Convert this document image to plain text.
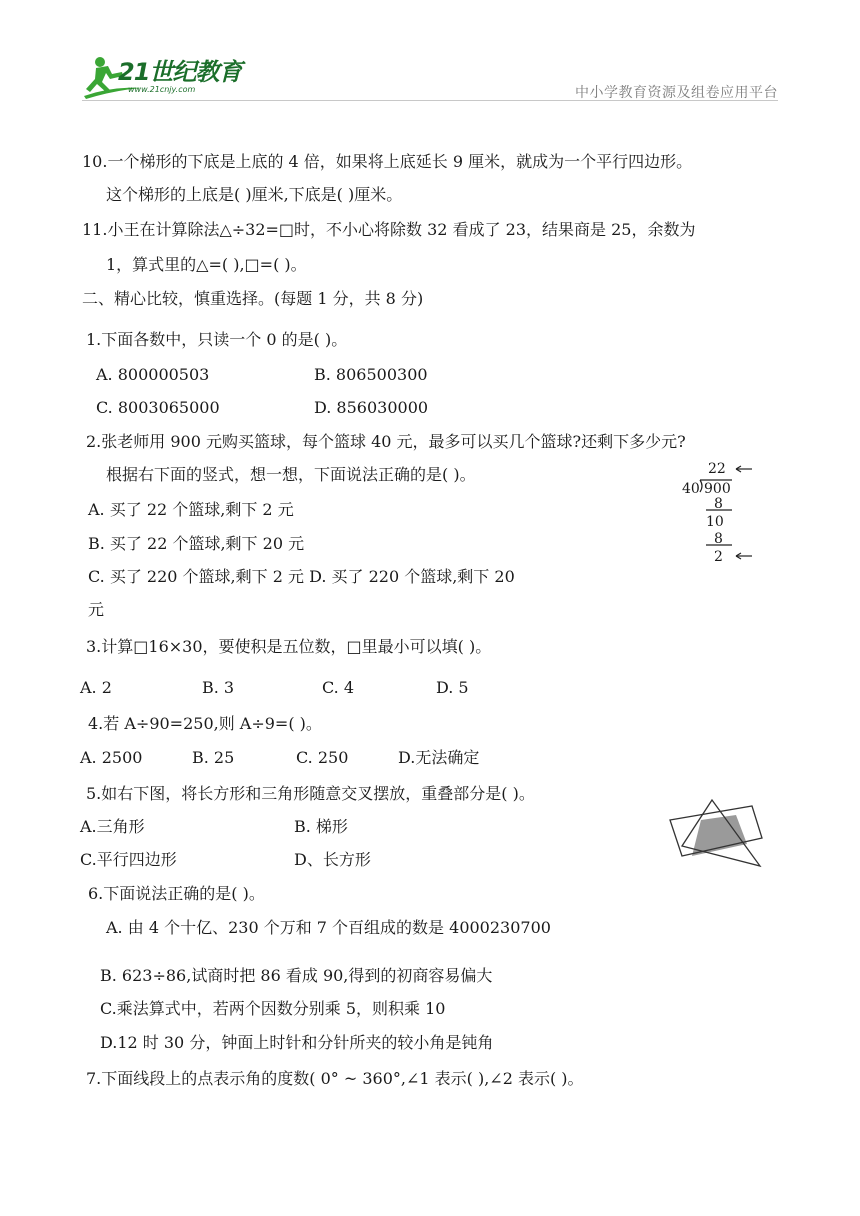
21世纪教育
www.21cnjy.com	中小学教育资源及组卷应用平台
10.一个梯形的下底是上底的 4 倍，如果将上底延长 9 厘米，就成为一个平行四边形。
这个梯形的上底是( )厘米,下底是( )厘米。
11.小王在计算除法△÷32=□时，不小心将除数 32 看成了 23，结果商是 25，余数为
1，算式里的△=( ),□=( )。
二、精心比较，慎重选择。(每题 1 分，共 8 分)
1.下面各数中，只读一个 0 的是( )。
A. 800000503	B. 806500300
C. 8003065000	D. 856030000
2.张老师用 900 元购买篮球，每个篮球 40 元，最多可以买几个篮球?还剩下多少元?
根据右下面的竖式，想一想，下面说法正确的是( )。
A. 买了 22 个篮球,剩下 2 元
B. 买了 22 个篮球,剩下 20 元
C. 买了 220 个篮球,剩下 2 元 D. 买了 220 个篮球,剩下 20
元
22
40 900
8
10
8
2
3.计算□16×30，要使积是五位数，□里最小可以填( )。
A. 2	B. 3	C. 4	D. 5
4.若 A÷90=250,则 A÷9=( )。
A. 2500	B. 25	C. 250	D.无法确定
5.如右下图，将长方形和三角形随意交叉摆放，重叠部分是( )。
A.三角形	B. 梯形
C.平行四边形	D、长方形
6.下面说法正确的是( )。
A. 由 4 个十亿、230 个万和 7 个百组成的数是 4000230700
B. 623÷86,试商时把 86 看成 90,得到的初商容易偏大
C.乘法算式中，若两个因数分别乘 5，则积乘 10
D.12 时 30 分，钟面上时针和分针所夹的较小角是钝角
7.下面线段上的点表示角的度数( 0° ~ 360°,∠1 表示( ),∠2 表示( )。
